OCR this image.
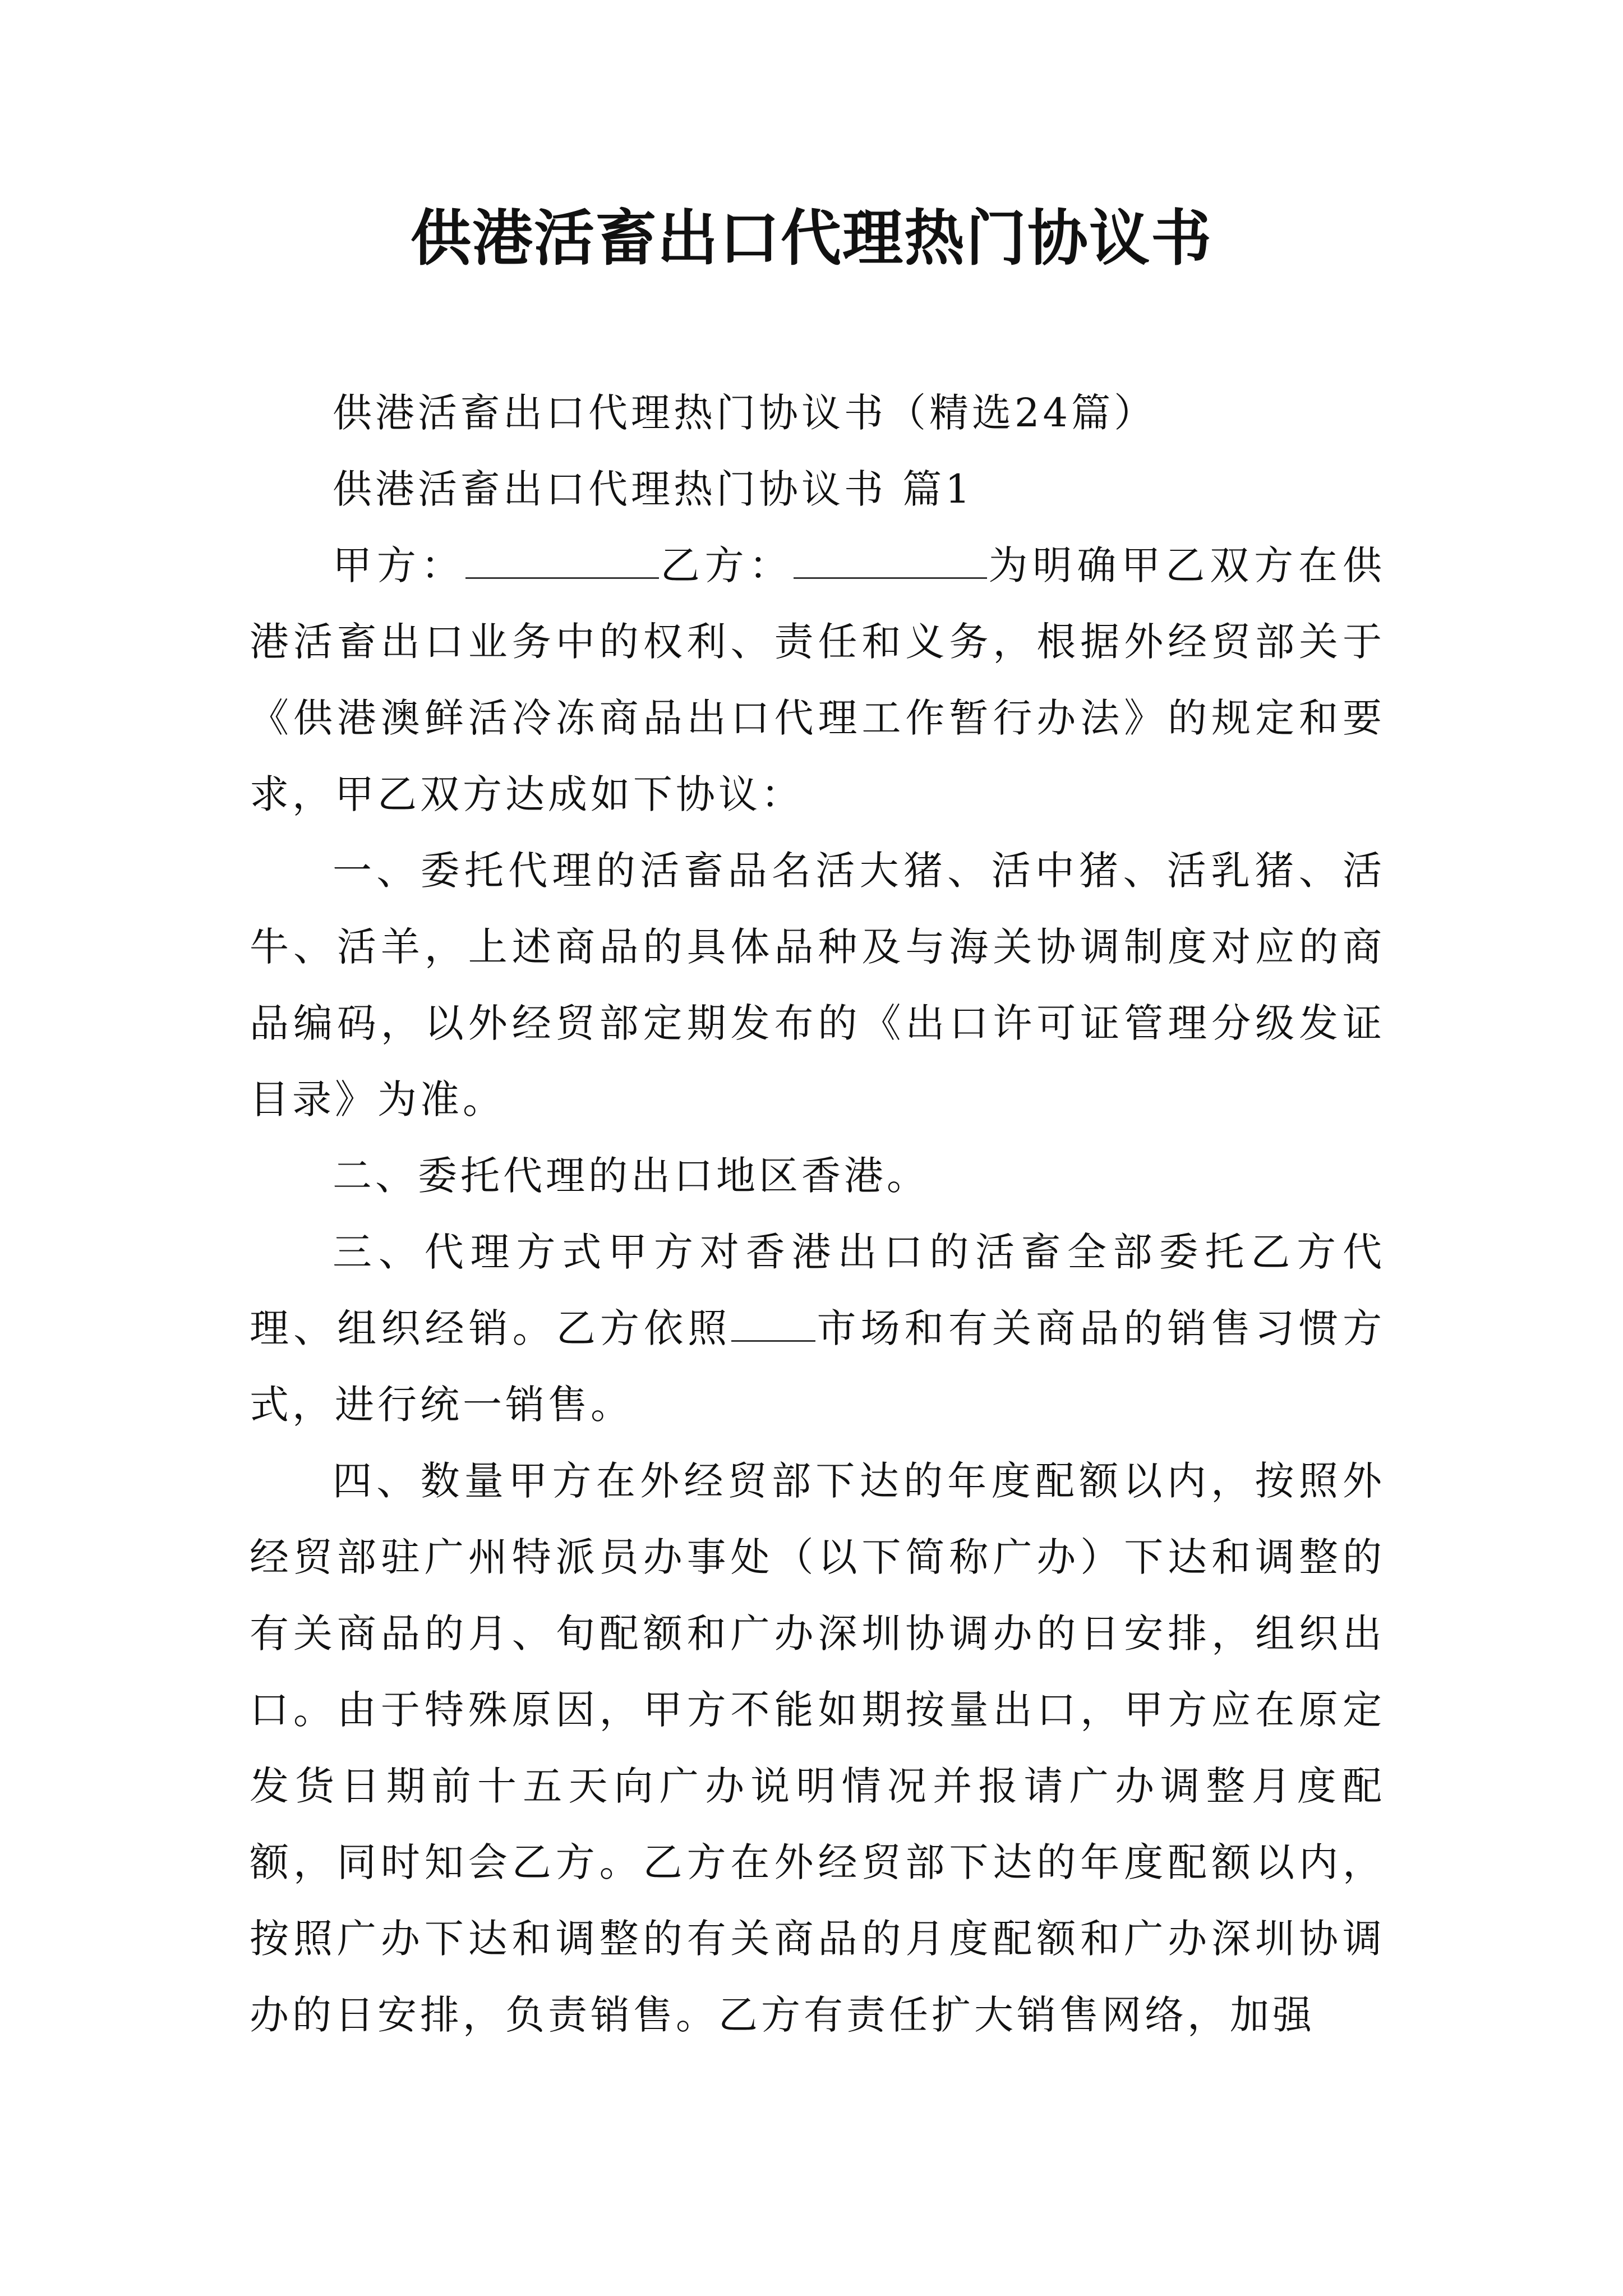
供港活畜出口代理热门协议书

供港活畜出口代理热门协议书（精选24篇）

供港活畜出口代理热门协议书 篇1

甲方：	乙方：	为明确甲乙双方在供港活畜出口业务中的权利、责任和义务，根据外经贸部关于《供港澳鲜活冷冻商品出口代理工作暂行办法》的规定和要求，甲乙双方达成如下协议：

一、委托代理的活畜品名活大猪、活中猪、活乳猪、活牛、活羊，上述商品的具体品种及与海关协调制度对应的商品编码，以外经贸部定期发布的《出口许可证管理分级发证目录》为准。

二、委托代理的出口地区香港。

三、代理方式甲方对香港出口的活畜全部委托乙方代理、组织经销。乙方依照 市场和有关商品的销售习惯方式，进行统一销售。

四、数量甲方在外经贸部下达的年度配额以内，按照外经贸部驻广州特派员办事处（以下简称广办）下达和调整的有关商品的月、旬配额和广办深圳协调办的日安排，组织出口。由于特殊原因，甲方不能如期按量出口，甲方应在原定发货日期前十五天向广办说明情况并报请广办调整月度配额，同时知会乙方。乙方在外经贸部下达的年度配额以内，按照广办下达和调整的有关商品的月度配额和广办深圳协调办的日安排，负责销售。乙方有责任扩大销售网络，加强
